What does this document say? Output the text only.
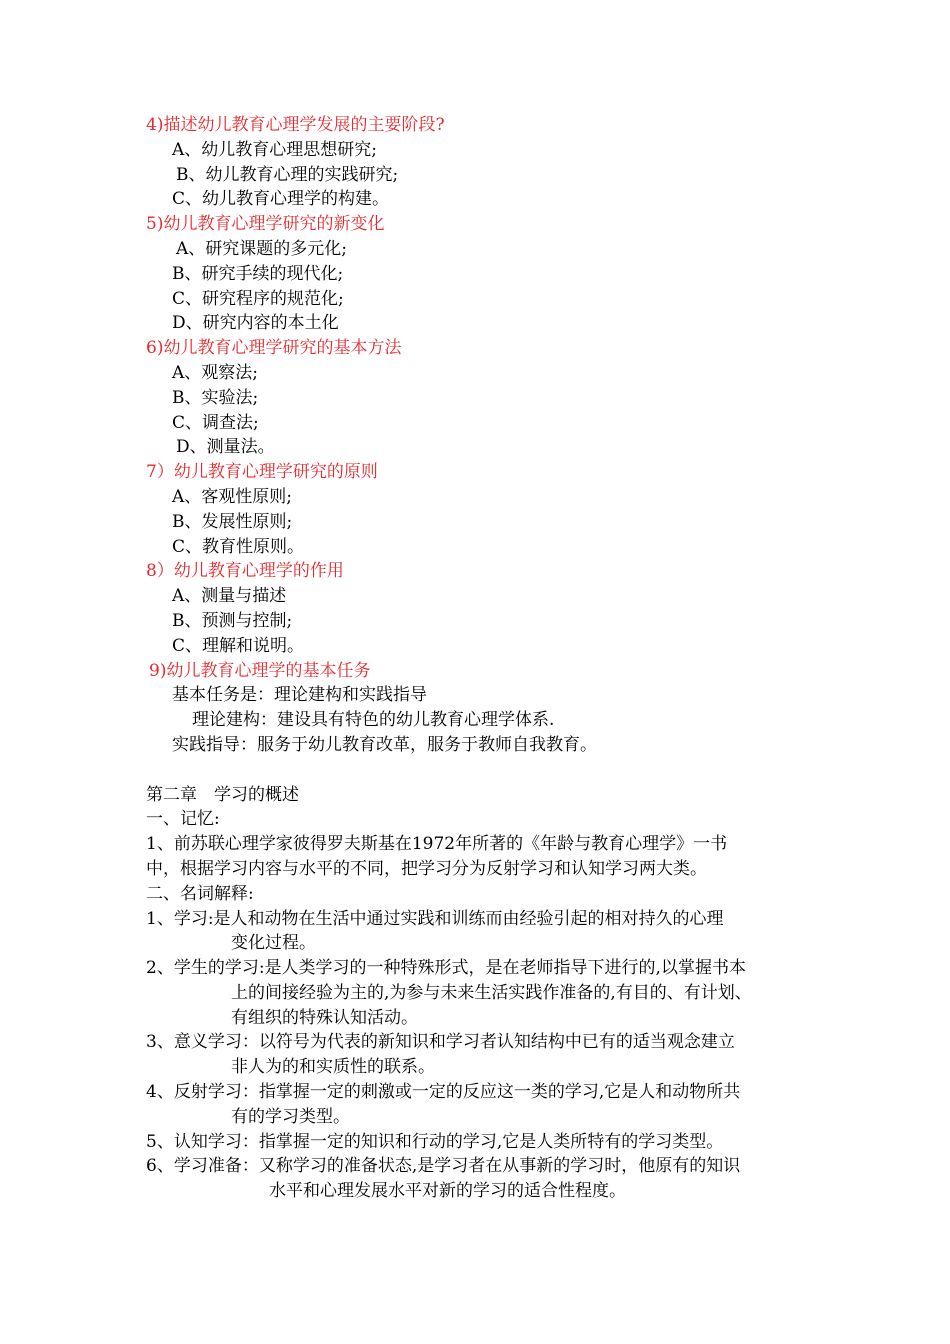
4)描述幼儿教育心理学发展的主要阶段?
A、幼儿教育心理思想研究;
B、幼儿教育心理的实践研究;
C、幼儿教育心理学的构建。
5)幼儿教育心理学研究的新变化
A、研究课题的多元化;
B、研究手续的现代化;
C、研究程序的规范化;
D、研究内容的本土化
6)幼儿教育心理学研究的基本方法
A、观察法;
B、实验法;
C、调查法;
D、测量法。
7）幼儿教育心理学研究的原则
A、客观性原则;
B、发展性原则;
C、教育性原则。
8）幼儿教育心理学的作用
A、测量与描述
B、预测与控制;
C、理解和说明。
9)幼儿教育心理学的基本任务
基本任务是：理论建构和实践指导
理论建构：建设具有特色的幼儿教育心理学体系.
实践指导：服务于幼儿教育改革，服务于教师自我教育。
第二章　学习的概述
一、记忆:
1、前苏联心理学家彼得罗夫斯基在1972年所著的《年龄与教育心理学》一书
中，根据学习内容与水平的不同，把学习分为反射学习和认知学习两大类。
二、名词解释:
1、学习:是人和动物在生活中通过实践和训练而由经验引起的相对持久的心理
变化过程。
2、学生的学习:是人类学习的一种特殊形式，是在老师指导下进行的,以掌握书本
上的间接经验为主的,为参与未来生活实践作准备的,有目的、有计划、
有组织的特殊认知活动。
3、意义学习：以符号为代表的新知识和学习者认知结构中已有的适当观念建立
非人为的和实质性的联系。
4、反射学习：指掌握一定的刺激或一定的反应这一类的学习,它是人和动物所共
有的学习类型。
5、认知学习：指掌握一定的知识和行动的学习,它是人类所特有的学习类型。
6、学习准备：又称学习的准备状态,是学习者在从事新的学习时，他原有的知识
水平和心理发展水平对新的学习的适合性程度。
